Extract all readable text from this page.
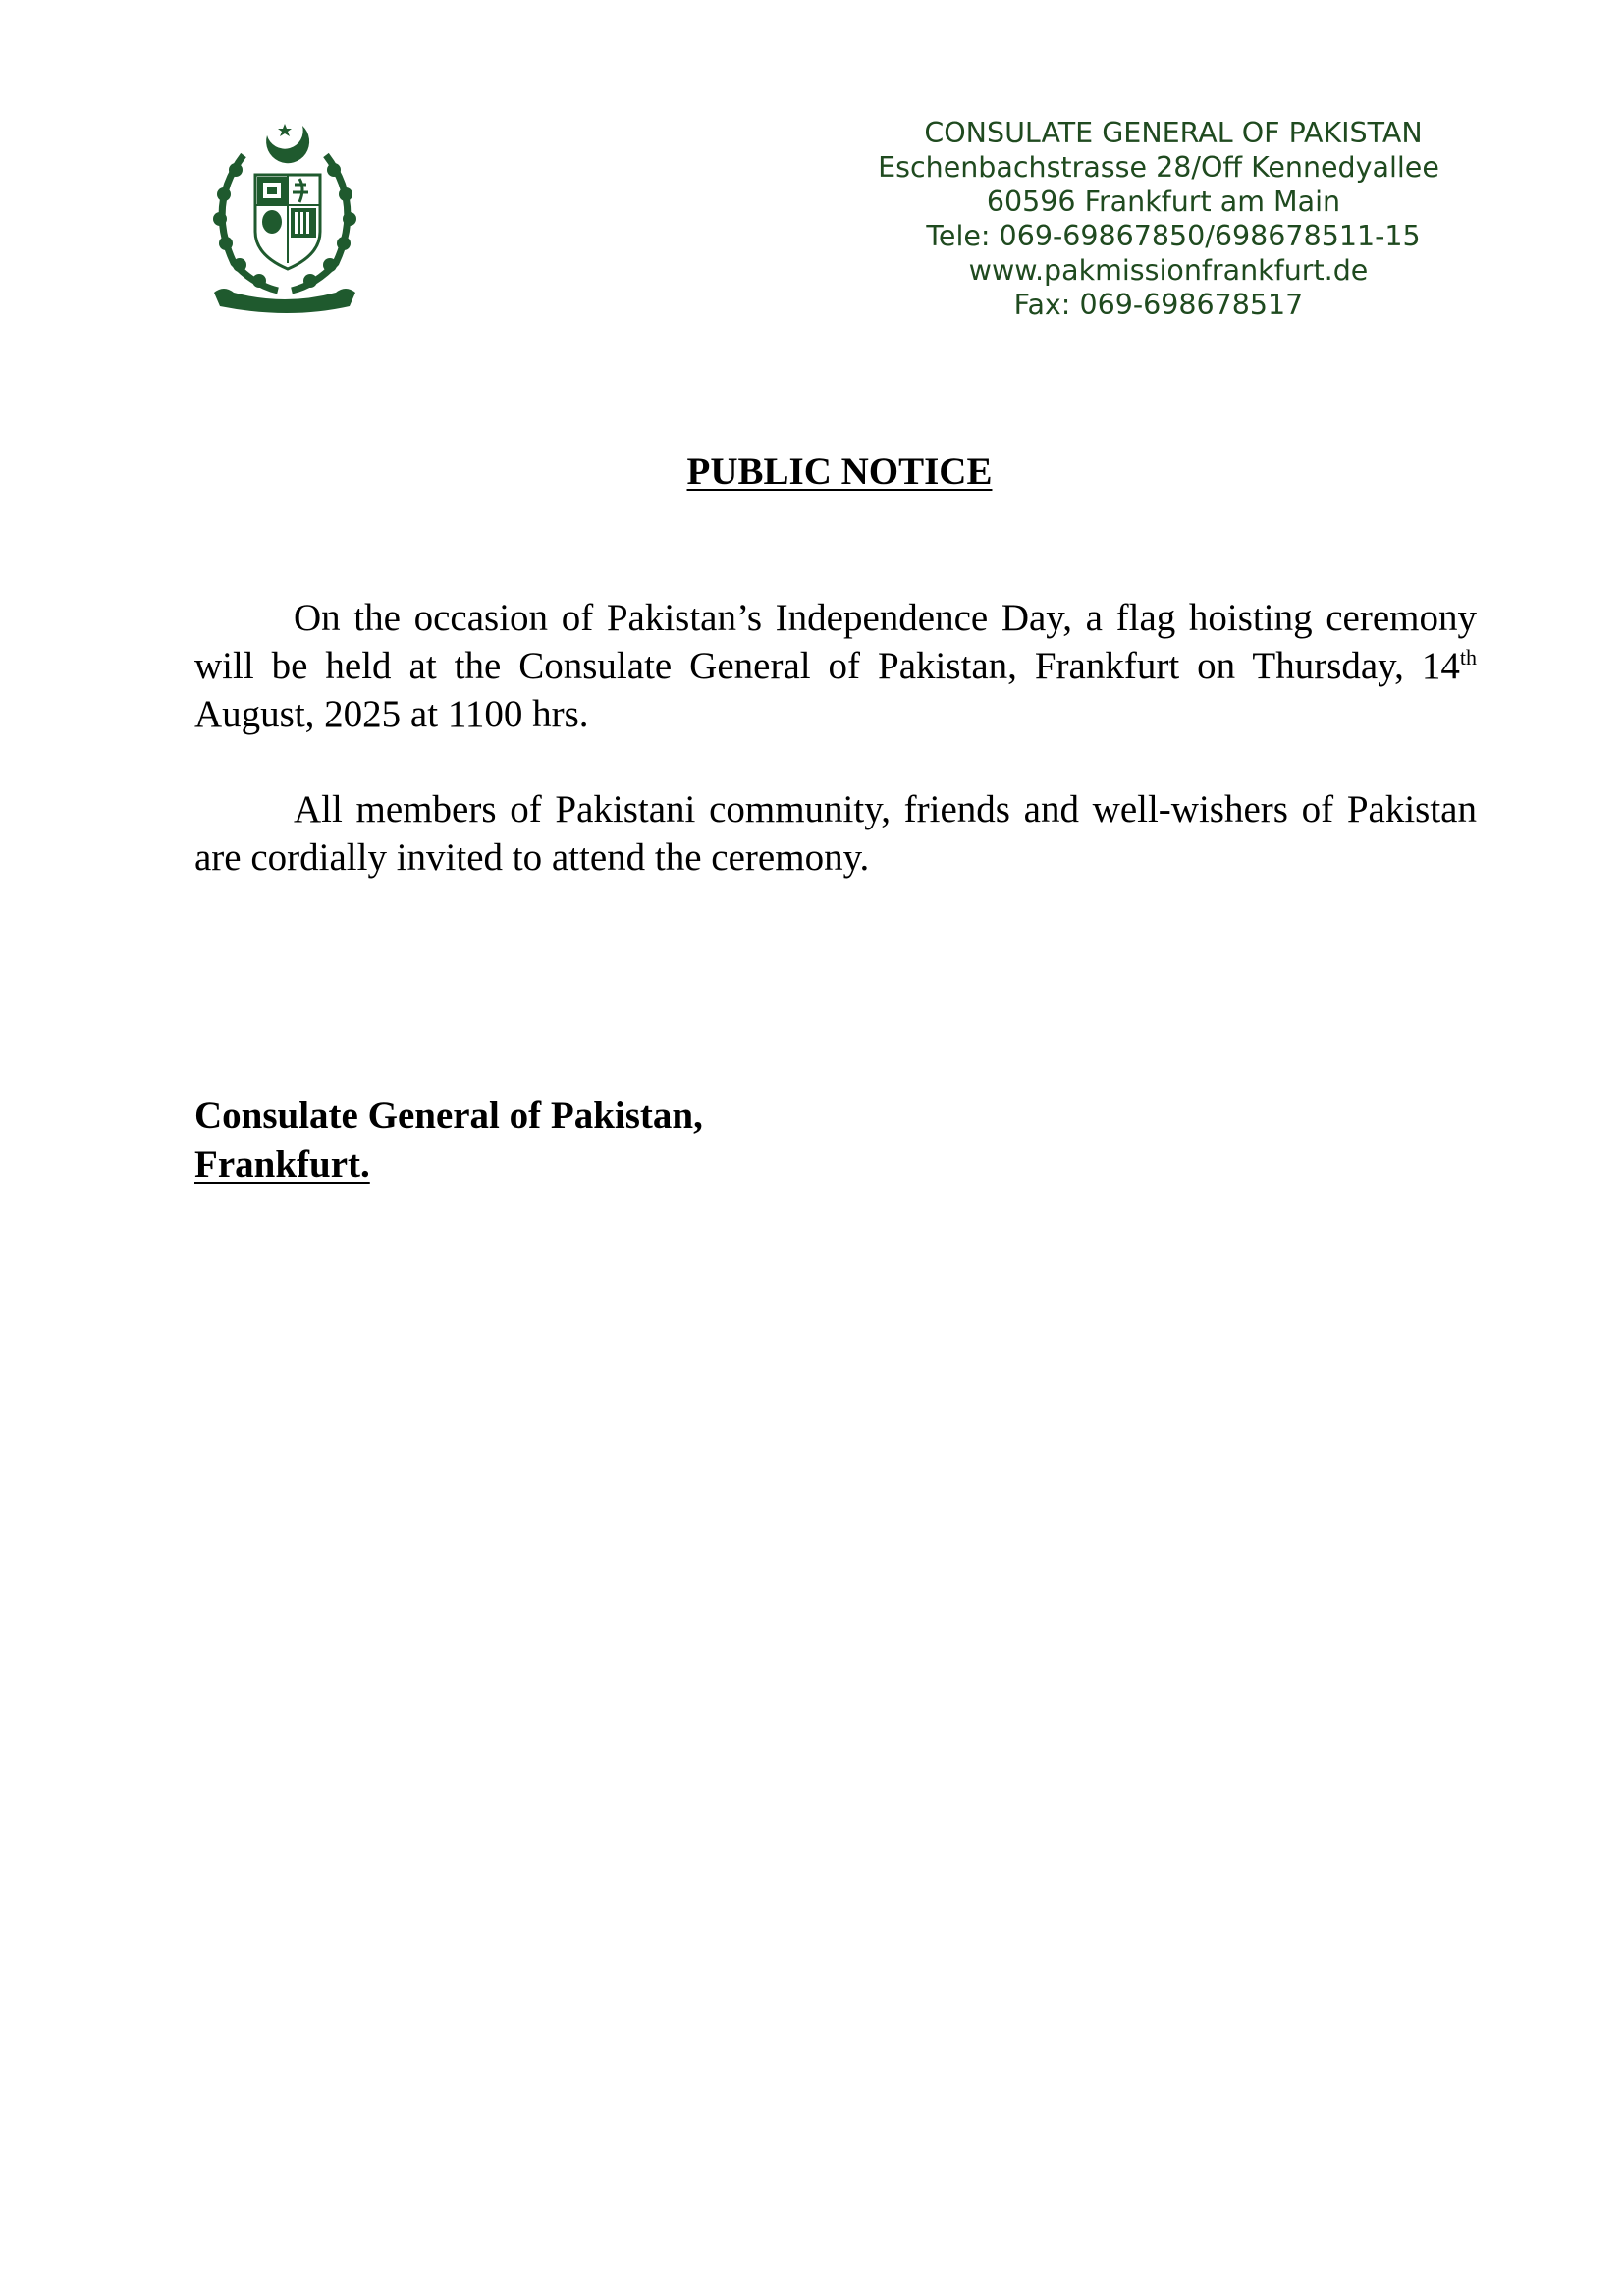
CONSULATE GENERAL OF PAKISTAN
Eschenbachstrasse 28/Off Kennedyallee
60596 Frankfurt am Main
Tele: 069-69867850/698678511-15
www.pakmissionfrankfurt.de
Fax: 069-698678517
PUBLIC NOTICE

On the occasion of Pakistan’s Independence Day, a flag hoisting ceremony will be held at the Consulate General of Pakistan, Frankfurt on Thursday, 14th August, 2025 at 1100 hrs.

All members of Pakistani community, friends and well-wishers of Pakistan are cordially invited to attend the ceremony.

Consulate General of Pakistan,
Frankfurt.
